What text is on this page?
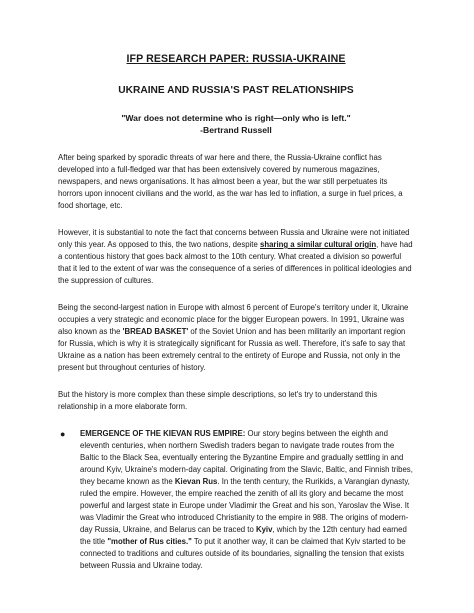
IFP RESEARCH PAPER: RUSSIA-UKRAINE
UKRAINE AND RUSSIA'S PAST RELATIONSHIPS
"War does not determine who is right—only who is left."
-Bertrand Russell

After being sparked by sporadic threats of war here and there, the Russia-Ukraine conflict has developed into a full-fledged war that has been extensively covered by numerous magazines, newspapers, and news organisations. It has almost been a year, but the war still perpetuates its horrors upon innocent civilians and the world, as the war has led to inflation, a surge in fuel prices, a food shortage, etc.

However, it is substantial to note the fact that concerns between Russia and Ukraine were not initiated only this year. As opposed to this, the two nations, despite sharing a similar cultural origin, have had a contentious history that goes back almost to the 10th century. What created a division so powerful that it led to the extent of war was the consequence of a series of differences in political ideologies and the suppression of cultures.

Being the second-largest nation in Europe with almost 6 percent of Europe's territory under it, Ukraine occupies a very strategic and economic place for the bigger European powers. In 1991, Ukraine was also known as the 'BREAD BASKET' of the Soviet Union and has been militarily an important region for Russia, which is why it is strategically significant for Russia as well. Therefore, it's safe to say that Ukraine as a nation has been extremely central to the entirety of Europe and Russia, not only in the present but throughout centuries of history.

But the history is more complex than these simple descriptions, so let's try to understand this relationship in a more elaborate form.

● EMERGENCE OF THE KIEVAN RUS EMPIRE: Our story begins between the eighth and eleventh centuries, when northern Swedish traders began to navigate trade routes from the Baltic to the Black Sea, eventually entering the Byzantine Empire and gradually settling in and around Kyiv, Ukraine's modern-day capital. Originating from the Slavic, Baltic, and Finnish tribes, they became known as the Kievan Rus. In the tenth century, the Rurikids, a Varangian dynasty, ruled the empire. However, the empire reached the zenith of all its glory and became the most powerful and largest state in Europe under Vladimir the Great and his son, Yaroslav the Wise. It was Vladimir the Great who introduced Christianity to the empire in 988. The origins of modern-day Russia, Ukraine, and Belarus can be traced to Kyiv, which by the 12th century had earned the title "mother of Rus cities." To put it another way, it can be claimed that Kyiv started to be connected to traditions and cultures outside of its boundaries, signalling the tension that exists between Russia and Ukraine today.
